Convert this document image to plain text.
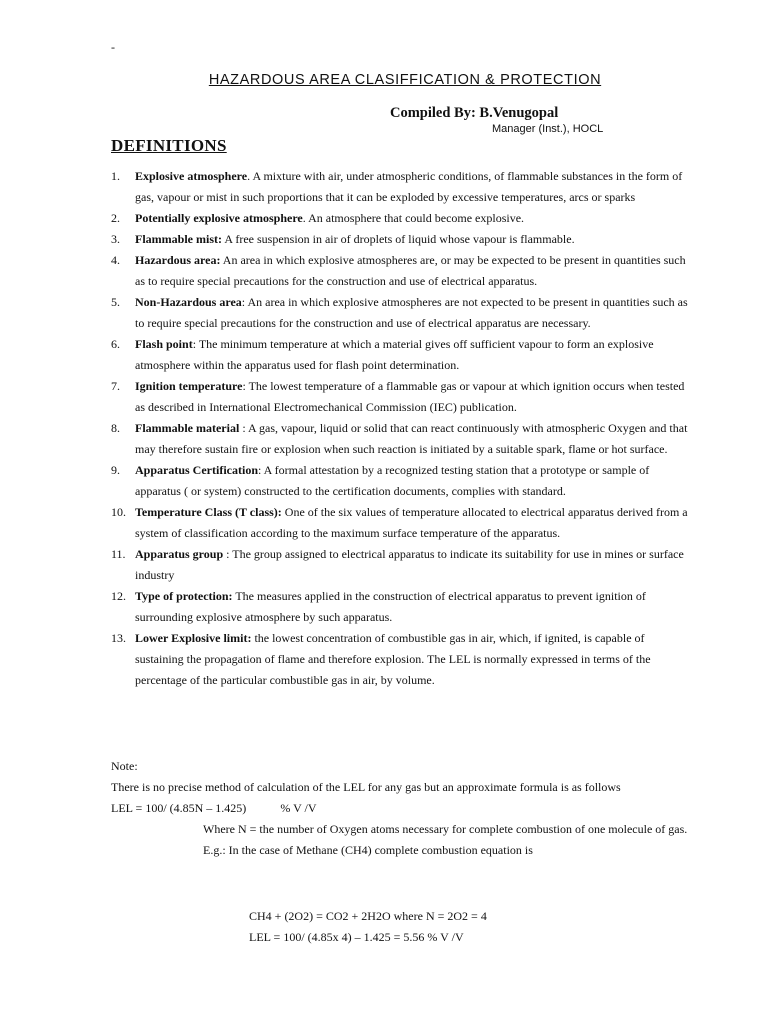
-
HAZARDOUS AREA CLASIFFICATION & PROTECTION
Compiled By: B.Venugopal
Manager (Inst.), HOCL
DEFINITIONS
1. Explosive atmosphere. A mixture with air, under atmospheric conditions, of flammable substances in the form of gas, vapour or mist in such proportions that it can be exploded by excessive temperatures, arcs or sparks
2. Potentially explosive atmosphere. An atmosphere that could become explosive.
3. Flammable mist: A free suspension in air of droplets of liquid whose vapour is flammable.
4. Hazardous area: An area in which explosive atmospheres are, or may be expected to be present in quantities such as to require special precautions for the construction and use of electrical apparatus.
5. Non-Hazardous area: An area in which explosive atmospheres are not expected to be present in quantities such as to require special precautions for the construction and use of electrical apparatus are necessary.
6. Flash point: The minimum temperature at which a material gives off sufficient vapour to form an explosive atmosphere within the apparatus used for flash point determination.
7. Ignition temperature: The lowest temperature of a flammable gas or vapour at which ignition occurs when tested as described in International Electromechanical Commission (IEC) publication.
8. Flammable material : A gas, vapour, liquid or solid that can react continuously with atmospheric Oxygen and that may therefore sustain fire or explosion when such reaction is initiated by a suitable spark, flame or hot surface.
9. Apparatus Certification: A formal attestation by a recognized testing station that a prototype or sample of apparatus ( or system) constructed to the certification documents, complies with standard.
10. Temperature Class (T class): One of the six values of temperature allocated to electrical apparatus derived from a system of classification according to the maximum surface temperature of the apparatus.
11. Apparatus group : The group assigned to electrical apparatus to indicate its suitability for use in mines or surface industry
12. Type of protection: The measures applied in the construction of electrical apparatus to prevent ignition of surrounding explosive atmosphere by such apparatus.
13. Lower Explosive limit: the lowest concentration of combustible gas in air, which, if ignited, is capable of sustaining the propagation of flame and therefore explosion. The LEL is normally expressed in terms of the percentage of the particular combustible gas in air, by volume.
Note:
There is no precise method of calculation of the LEL for any gas but an approximate formula is as follows
LEL = 100/ (4.85N – 1.425)	% V /V
Where N = the number of Oxygen atoms necessary for complete combustion of one molecule of gas.
E.g.: In the case of Methane (CH4) complete combustion equation is
CH4 + (2O2) = CO2 + 2H2O where N = 2O2 = 4
LEL = 100/ (4.85x 4) – 1.425 = 5.56 % V /V
